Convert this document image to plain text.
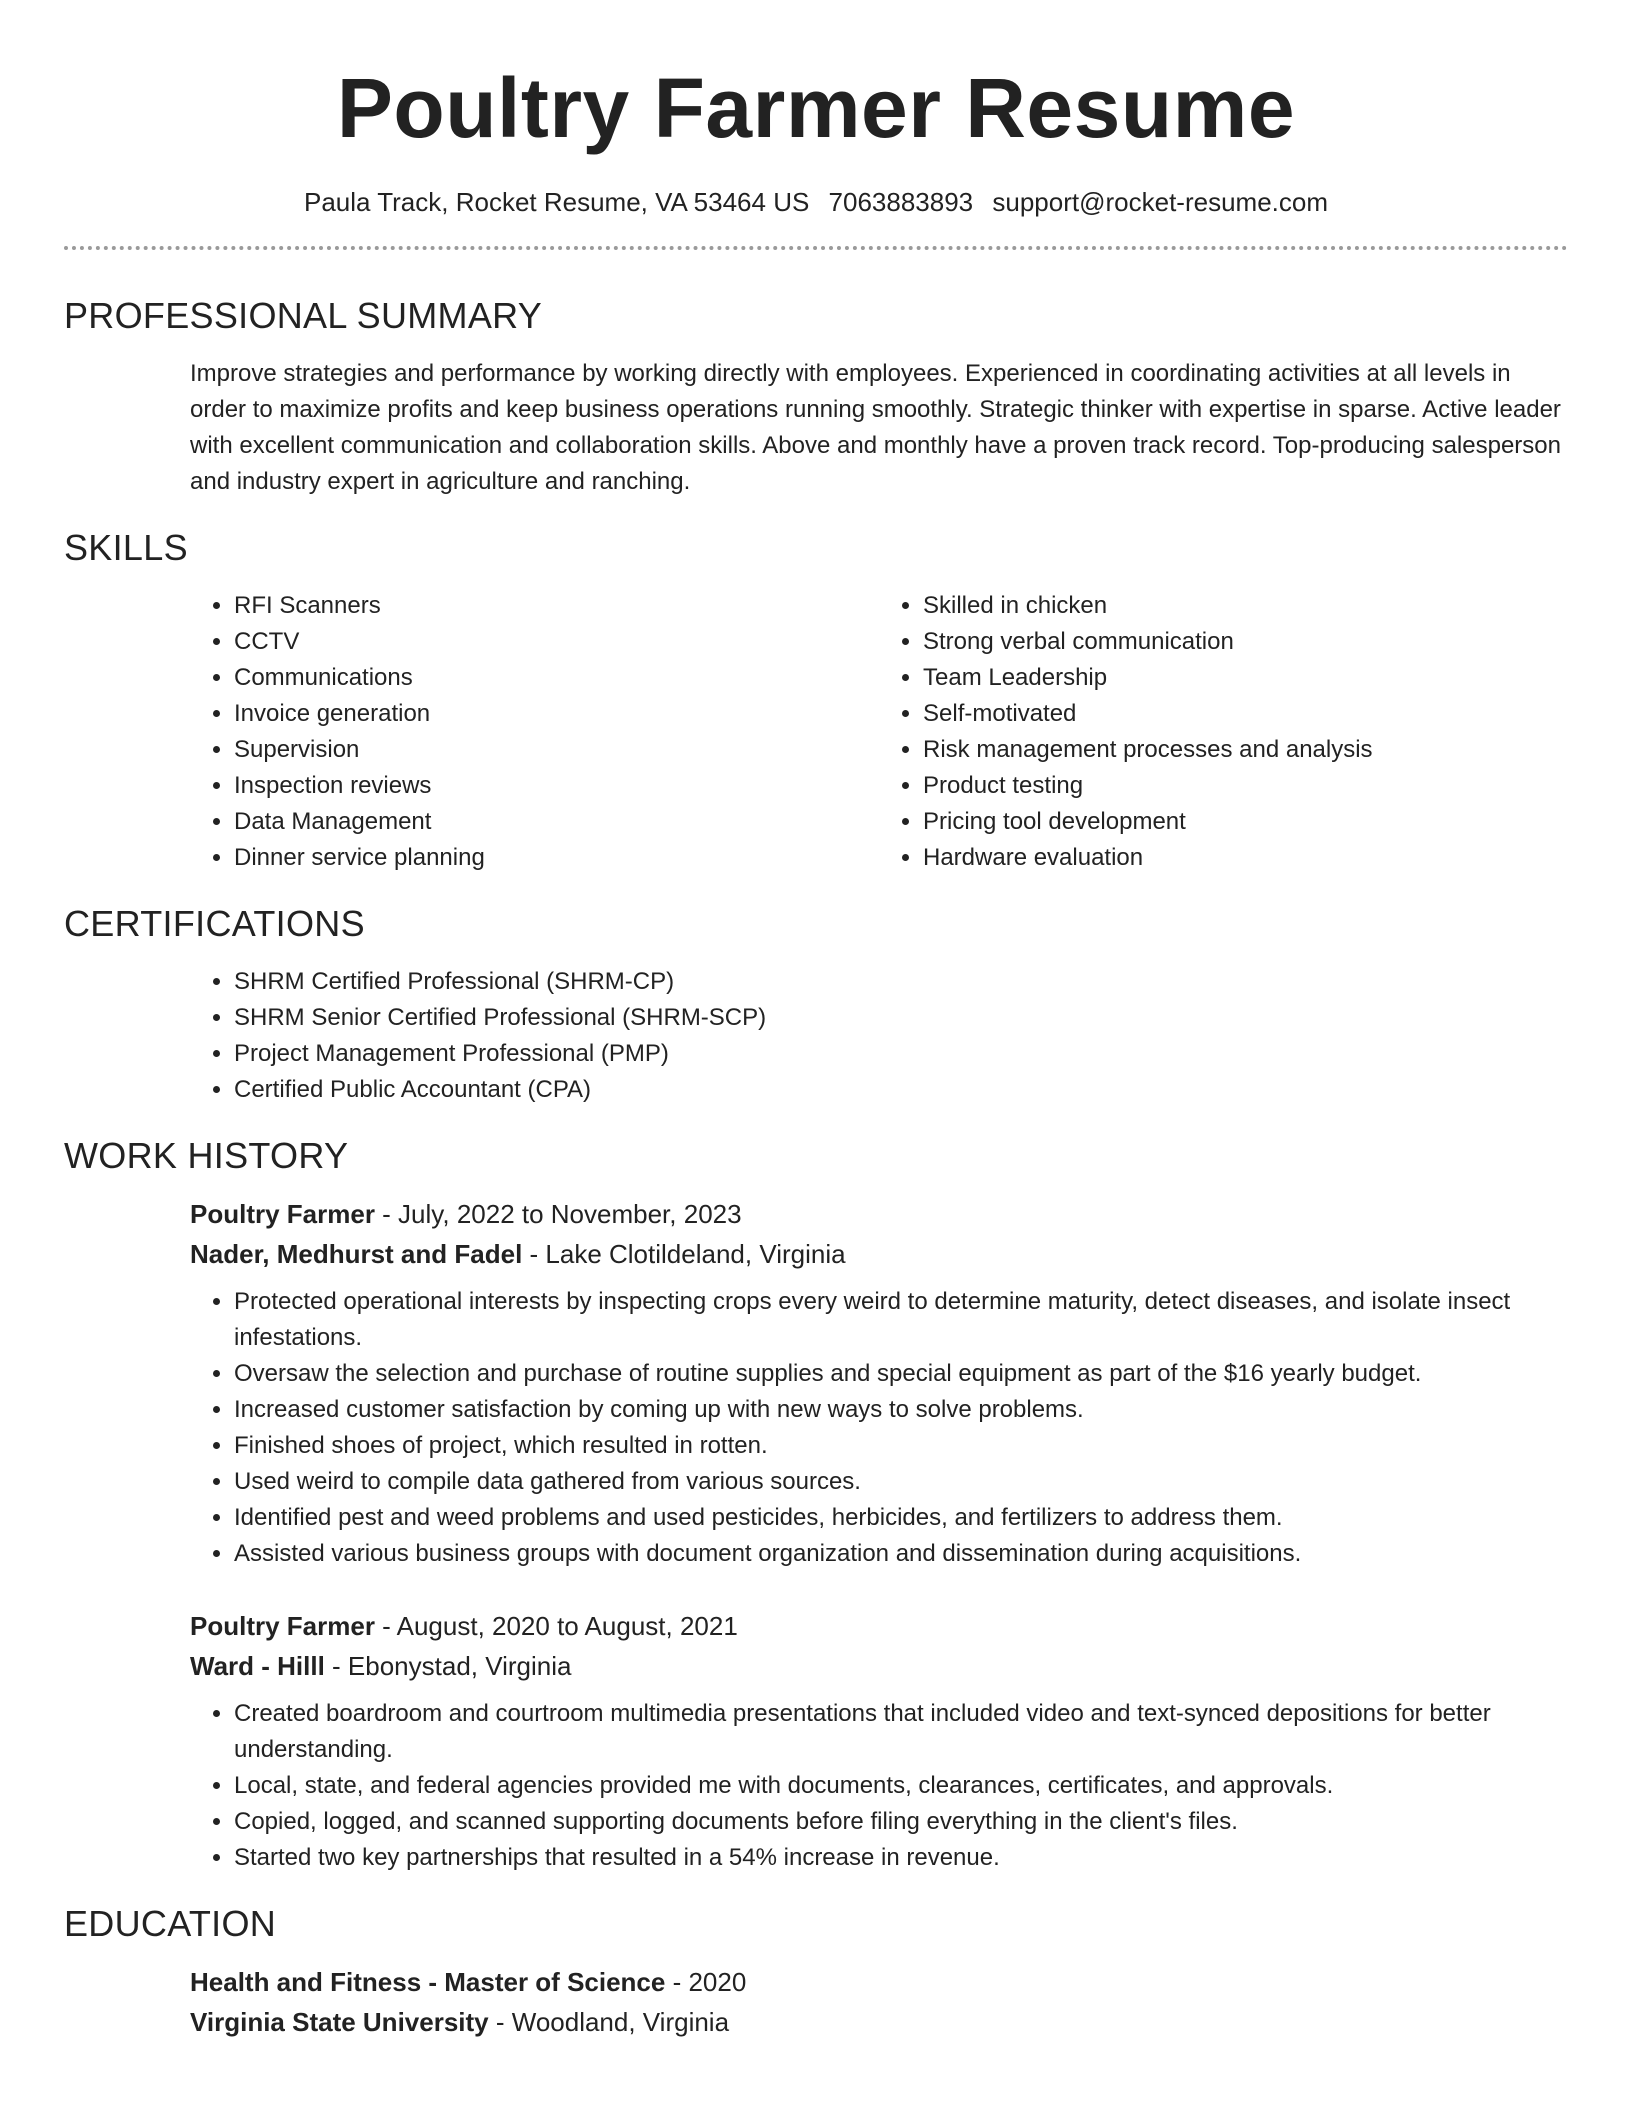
Poultry Farmer Resume
Paula Track, Rocket Resume, VA 53464 US 7063883893 support@rocket-resume.com
PROFESSIONAL SUMMARY
Improve strategies and performance by working directly with employees. Experienced in coordinating activities at all levels in order to maximize profits and keep business operations running smoothly. Strategic thinker with expertise in sparse. Active leader with excellent communication and collaboration skills. Above and monthly have a proven track record. Top-producing salesperson and industry expert in agriculture and ranching.
SKILLS
• RFI Scanners
• CCTV
• Communications
• Invoice generation
• Supervision
• Inspection reviews
• Data Management
• Dinner service planning
• Skilled in chicken
• Strong verbal communication
• Team Leadership
• Self-motivated
• Risk management processes and analysis
• Product testing
• Pricing tool development
• Hardware evaluation
CERTIFICATIONS
• SHRM Certified Professional (SHRM-CP)
• SHRM Senior Certified Professional (SHRM-SCP)
• Project Management Professional (PMP)
• Certified Public Accountant (CPA)
WORK HISTORY
Poultry Farmer - July, 2022 to November, 2023
Nader, Medhurst and Fadel - Lake Clotildeland, Virginia
• Protected operational interests by inspecting crops every weird to determine maturity, detect diseases, and isolate insect infestations.
• Oversaw the selection and purchase of routine supplies and special equipment as part of the $16 yearly budget.
• Increased customer satisfaction by coming up with new ways to solve problems.
• Finished shoes of project, which resulted in rotten.
• Used weird to compile data gathered from various sources.
• Identified pest and weed problems and used pesticides, herbicides, and fertilizers to address them.
• Assisted various business groups with document organization and dissemination during acquisitions.
Poultry Farmer - August, 2020 to August, 2021
Ward - Hilll - Ebonystad, Virginia
• Created boardroom and courtroom multimedia presentations that included video and text-synced depositions for better understanding.
• Local, state, and federal agencies provided me with documents, clearances, certificates, and approvals.
• Copied, logged, and scanned supporting documents before filing everything in the client's files.
• Started two key partnerships that resulted in a 54% increase in revenue.
EDUCATION
Health and Fitness - Master of Science - 2020
Virginia State University - Woodland, Virginia
